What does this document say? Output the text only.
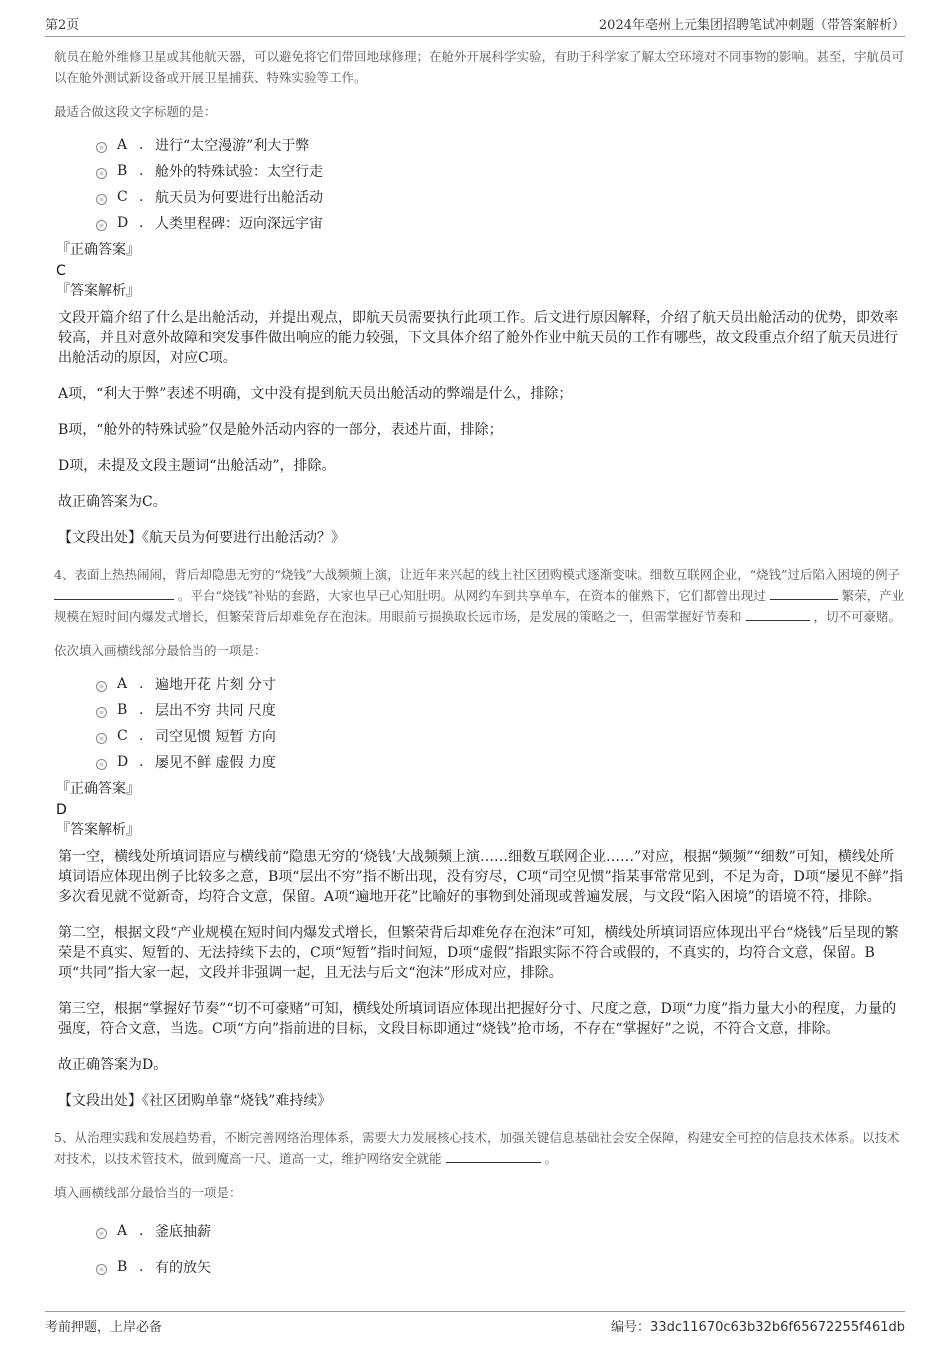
第2页	2024年亳州上元集团招聘笔试冲刺题（带答案解析）
航员在舱外维修卫星或其他航天器，可以避免将它们带回地球修理；在舱外开展科学实验，有助于科学家了解太空环境对不同事物的影响。甚至，宇航员可以在舱外测试新设备或开展卫星捕获、特殊实验等工作。
最适合做这段文字标题的是：
A . 进行“太空漫游”利大于弊
B . 舱外的特殊试验：太空行走
C . 航天员为何要进行出舱活动
D . 人类里程碑：迈向深远宇宙
『正确答案』
C
『答案解析』

文段开篇介绍了什么是出舱活动，并提出观点，即航天员需要执行此项工作。后文进行原因解释，介绍了航天员出舱活动的优势，即效率较高，并且对意外故障和突发事件做出响应的能力较强，下文具体介绍了舱外作业中航天员的工作有哪些，故文段重点介绍了航天员进行出舱活动的原因，对应C项。

A项，“利大于弊”表述不明确，文中没有提到航天员出舱活动的弊端是什么，排除；

B项，“舱外的特殊试验”仅是舱外活动内容的一部分，表述片面，排除；

D项，未提及文段主题词“出舱活动”，排除。

故正确答案为C。

【文段出处】《航天员为何要进行出舱活动？》

4、表面上热热闹闹，背后却隐患无穷的“烧钱”大战频频上演，让近年来兴起的线上社区团购模式逐渐变味。细数互联网企业，“烧钱”过后陷入困境的例子  。平台“烧钱”补贴的套路，大家也早已心知肚明。从网约车到共享单车，在资本的催熟下，它们都曾出现过	繁荣，产业规模在短时间内爆发式增长，但繁荣背后却难免存在泡沫。用眼前亏损换取长远市场，是发展的策略之一，但需掌握好节奏和	，切不可豪赌。
依次填入画横线部分最恰当的一项是：
A . 遍地开花 片刻 分寸
B . 层出不穷 共同 尺度
C . 司空见惯 短暂 方向
D . 屡见不鲜 虚假 力度
『正确答案』
D
『答案解析』

第一空，横线处所填词语应与横线前“隐患无穷的‘烧钱’大战频频上演……细数互联网企业……”对应，根据“频频”“细数”可知，横线处所填词语应体现出例子比较多之意，B项“层出不穷”指不断出现，没有穷尽，C项“司空见惯”指某事常常见到，不足为奇，D项“屡见不鲜”指多次看见就不觉新奇，均符合文意，保留。A项“遍地开花”比喻好的事物到处涌现或普遍发展，与文段“陷入困境”的语境不符，排除。

第二空，根据文段“产业规模在短时间内爆发式增长，但繁荣背后却难免存在泡沫”可知，横线处所填词语应体现出平台“烧钱”后呈现的繁荣是不真实、短暂的、无法持续下去的，C项“短暂”指时间短，D项“虚假”指跟实际不符合或假的，不真实的，均符合文意，保留。B项“共同”指大家一起，文段并非强调一起，且无法与后文“泡沫”形成对应，排除。

第三空，根据“掌握好节奏”“切不可豪赌”可知，横线处所填词语应体现出把握好分寸、尺度之意，D项“力度”指力量大小的程度，力量的强度，符合文意，当选。C项“方向”指前进的目标，文段目标即通过“烧钱”抢市场，不存在“掌握好”之说，不符合文意，排除。

故正确答案为D。

【文段出处】《社区团购单靠“烧钱”难持续》

5、从治理实践和发展趋势看，不断完善网络治理体系，需要大力发展核心技术，加强关键信息基础社会安全保障，构建安全可控的信息技术体系。以技术对技术，以技术管技术，做到魔高一尺、道高一丈，维护网络安全就能	。
填入画横线部分最恰当的一项是：
A . 釜底抽薪
B . 有的放矢
考前押题，上岸必备	编号：33dc11670c63b32b6f65672255f461db
